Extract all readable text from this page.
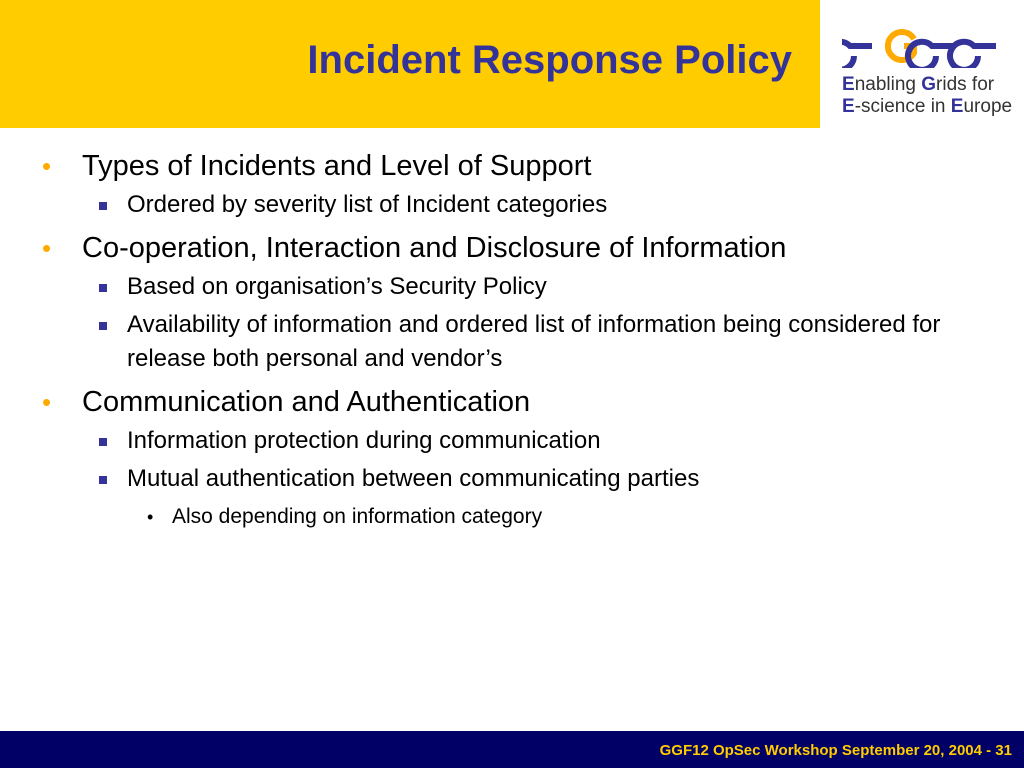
Incident Response Policy
Enabling Grids for
E-science in Europe
• Types of Incidents and Level of Support
Ordered by severity list of Incident categories
• Co-operation, Interaction and Disclosure of Information
Based on organisation’s Security Policy
Availability of information and ordered list of information being considered for release both personal and vendor’s
• Communication and Authentication
Information protection during communication
Mutual authentication between communicating parties
• Also depending on information category
GGF12 OpSec Workshop September 20, 2004 - 31
